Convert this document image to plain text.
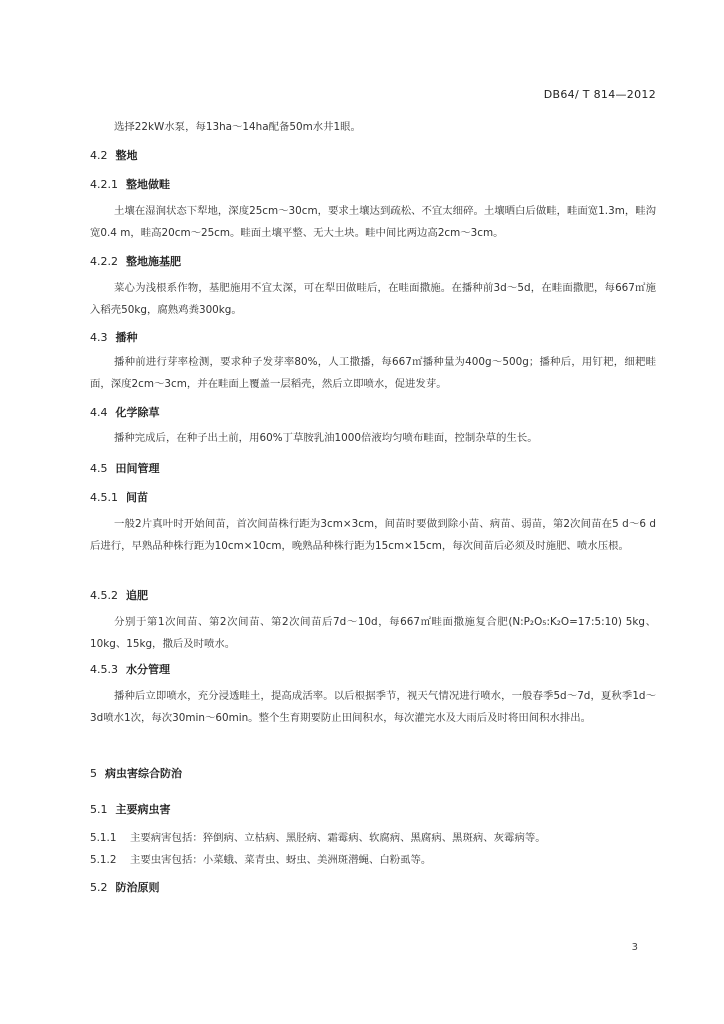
DB64/ T 814—2012

选择22kW水泵，每13ha～14ha配备50m水井1眼。

4.2 整地
4.2.1 整地做畦

土壤在湿润状态下犁地，深度25cm～30cm，要求土壤达到疏松、不宜太细碎。土壤晒白后做畦，畦面宽1.3m，畦沟宽0.4 m，畦高20cm～25cm。畦面土壤平整、无大土块。畦中间比两边高2cm～3cm。

4.2.2 整地施基肥

菜心为浅根系作物，基肥施用不宜太深，可在犁田做畦后，在畦面撒施。在播种前3d～5d，在畦面撒肥，每667㎡施入稻壳50kg，腐熟鸡粪300kg。

4.3 播种

播种前进行芽率检测，要求种子发芽率80%，人工撒播，每667㎡播种量为400g～500g；播种后，用钉耙，细耙畦面，深度2cm～3cm，并在畦面上覆盖一层稻壳，然后立即喷水，促进发芽。

4.4 化学除草

播种完成后，在种子出土前，用60%丁草胺乳油1000倍液均匀喷布畦面，控制杂草的生长。

4.5 田间管理
4.5.1 间苗

一般2片真叶时开始间苗，首次间苗株行距为3cm×3cm，间苗时要做到除小苗、病苗、弱苗，第2次间苗在5 d～6 d后进行，早熟品种株行距为10cm×10cm，晚熟品种株行距为15cm×15cm，每次间苗后必须及时施肥、喷水压根。

4.5.2 追肥

分别于第1次间苗、第2次间苗、第2次间苗后7d～10d，每667㎡畦面撒施复合肥(N:P₂O₅:K₂O=17:5:10) 5kg、10kg、15kg，撒后及时喷水。

4.5.3 水分管理

播种后立即喷水，充分浸透畦土，提高成活率。以后根据季节，视天气情况进行喷水，一般春季5d～7d，夏秋季1d～3d喷水1次，每次30min～60min。整个生育期要防止田间积水，每次灌完水及大雨后及时将田间积水排出。

5 病虫害综合防治
5.1 主要病虫害
5.1.1 主要病害包括：猝倒病、立枯病、黑胫病、霜霉病、软腐病、黑腐病、黑斑病、灰霉病等。
5.1.2 主要虫害包括：小菜蛾、菜青虫、蚜虫、美洲斑潜蝇、白粉虱等。
5.2 防治原则
3
